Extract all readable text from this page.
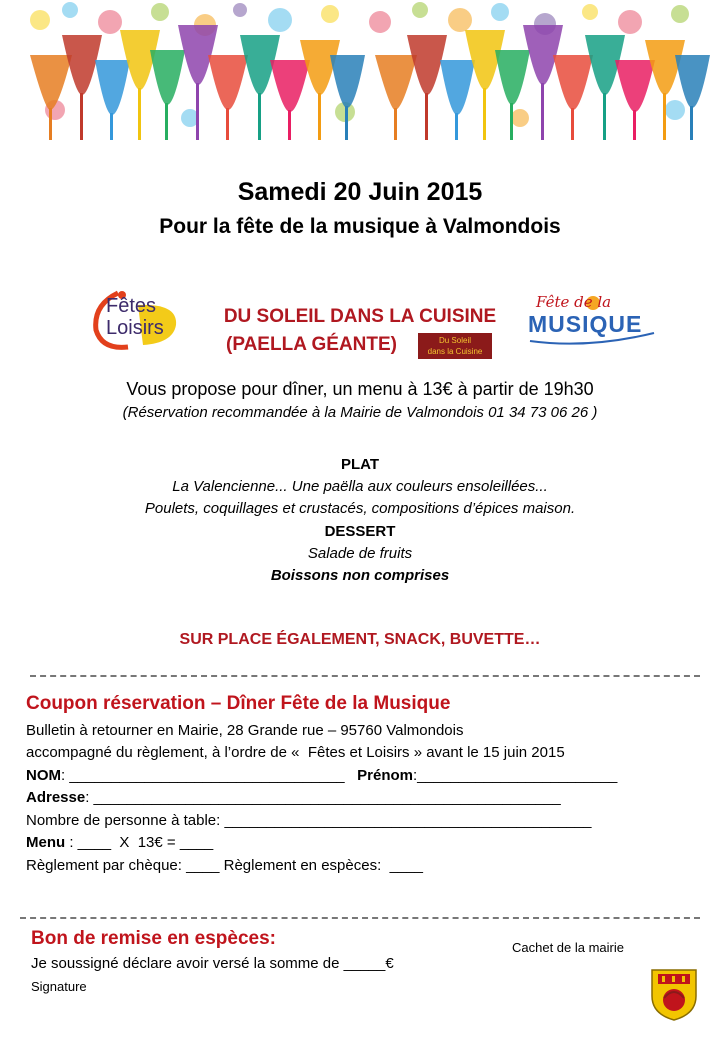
Samedi 20 Juin 2015
Pour la fête de la musique à Valmondois
Fêtes
Loisirs
DU SOLEIL DANS LA CUISINE
(PAELLA GÉANTE)	Du Soleil
dans la Cuisine
Fête de la
MUSIQUE
Vous propose pour dîner, un menu à 13€ à partir de 19h30
(Réservation recommandée à la Mairie de Valmondois 01 34 73 06 26 )
PLAT
La Valencienne... Une paëlla aux couleurs ensoleillées...
Poulets, coquillages et crustacés, compositions d’épices maison.
DESSERT
Salade de fruits
Boissons non comprises
SUR PLACE ÉGALEMENT, SNACK, BUVETTE…
Coupon réservation – Dîner Fête de la Musique
Bulletin à retourner en Mairie, 28 Grande rue – 95760 Valmondois
accompagné du règlement, à l’ordre de «  Fêtes et Loisirs » avant le 15 juin 2015
NOM: _________________________________ Prénom:________________________
Adresse: ________________________________________________________
Nombre de personne à table: ____________________________________________
Menu : ____  X  13€ = ____
Règlement par chèque: ____ Règlement en espèces:  ____
Bon de remise en espèces:	Cachet de la mairie
Je soussigné déclare avoir versé la somme de _____€
Signature
